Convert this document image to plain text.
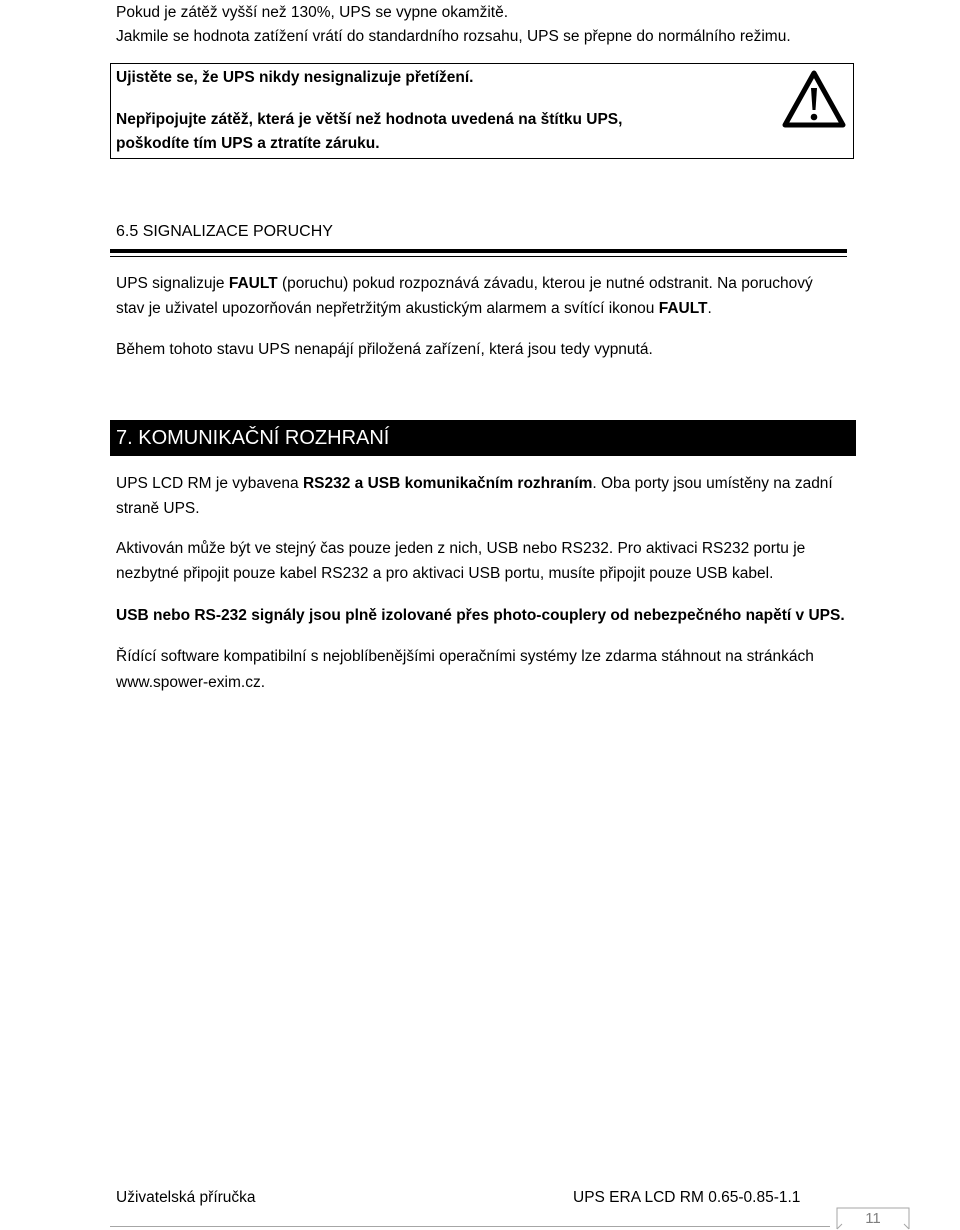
Pokud je zátěž vyšší než 130%, UPS se vypne okamžitě.
Jakmile se hodnota zatížení vrátí do standardního rozsahu, UPS se přepne do normálního režimu.
Ujistěte se, že UPS nikdy nesignalizuje přetížení.
Nepřipojujte zátěž, která je větší než hodnota uvedená na štítku UPS,
poškodíte tím UPS a ztratíte záruku.
6.5 SIGNALIZACE PORUCHY
UPS signalizuje FAULT (poruchu) pokud rozpoznává závadu, kterou je nutné odstranit. Na poruchový
stav je uživatel upozorňován nepřetržitým akustickým alarmem a svítící ikonou FAULT.
Během tohoto stavu UPS nenapájí přiložená zařízení, která jsou tedy vypnutá.
7. KOMUNIKAČNÍ ROZHRANÍ
UPS LCD RM je vybavena RS232 a USB komunikačním rozhraním. Oba porty jsou umístěny na zadní
straně UPS.
Aktivován může být ve stejný čas pouze jeden z nich, USB nebo RS232. Pro aktivaci RS232 portu je
nezbytné připojit pouze kabel RS232 a pro aktivaci USB portu, musíte připojit pouze USB kabel.
USB nebo RS-232 signály jsou plně izolované přes photo-couplery od nebezpečného napětí v UPS.
Řídící software kompatibilní s nejoblíbenějšími operačními systémy lze zdarma stáhnout na stránkách
www.spower-exim.cz.
Uživatelská příručka	UPS ERA LCD RM 0.65-0.85-1.1
11
